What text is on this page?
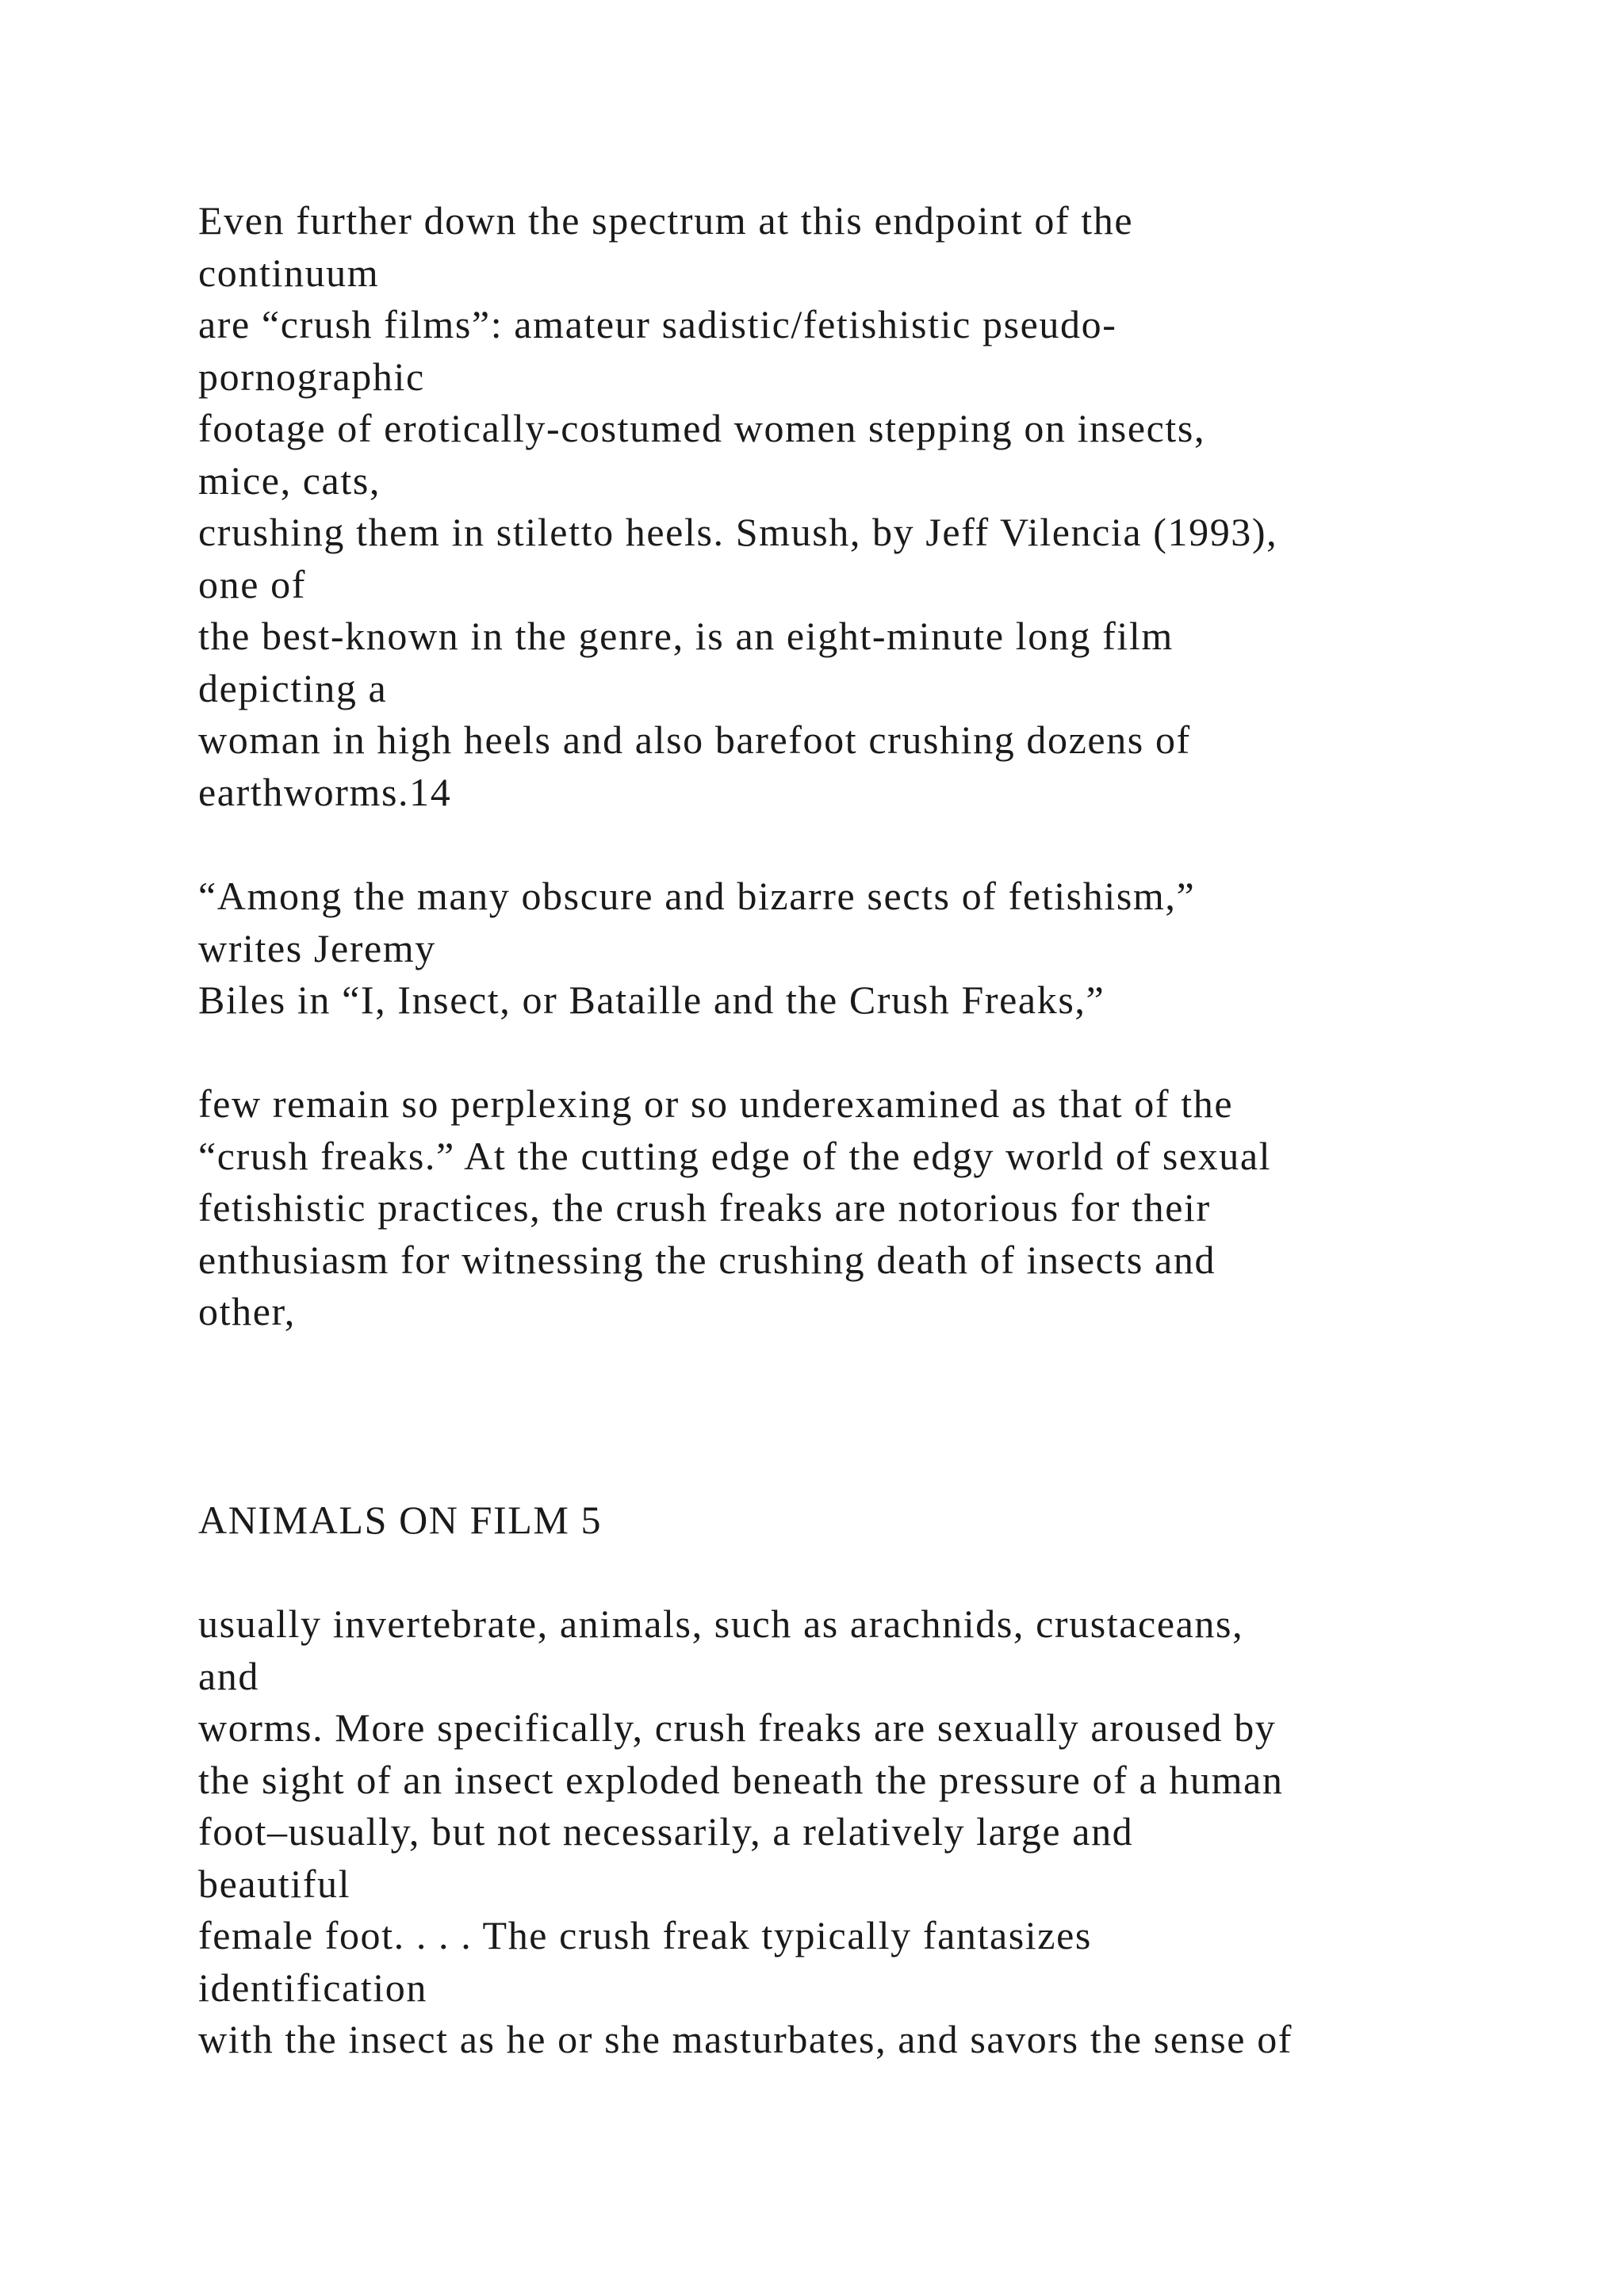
Even further down the spectrum at this endpoint of the
continuum
are “crush films”: amateur sadistic/fetishistic pseudo-
pornographic
footage of erotically-costumed women stepping on insects,
mice, cats,
crushing them in stiletto heels. Smush, by Jeff Vilencia (1993),
one of
the best-known in the genre, is an eight-minute long film
depicting a
woman in high heels and also barefoot crushing dozens of
earthworms.14
“Among the many obscure and bizarre sects of fetishism,”
writes Jeremy
Biles in “I, Insect, or Bataille and the Crush Freaks,”
few remain so perplexing or so underexamined as that of the
“crush freaks.” At the cutting edge of the edgy world of sexual
fetishistic practices, the crush freaks are notorious for their
enthusiasm for witnessing the crushing death of insects and
other,
ANIMALS ON FILM 5
usually invertebrate, animals, such as arachnids, crustaceans,
and
worms. More specifically, crush freaks are sexually aroused by
the sight of an insect exploded beneath the pressure of a human
foot–usually, but not necessarily, a relatively large and
beautiful
female foot. . . . The crush freak typically fantasizes
identification
with the insect as he or she masturbates, and savors the sense of
